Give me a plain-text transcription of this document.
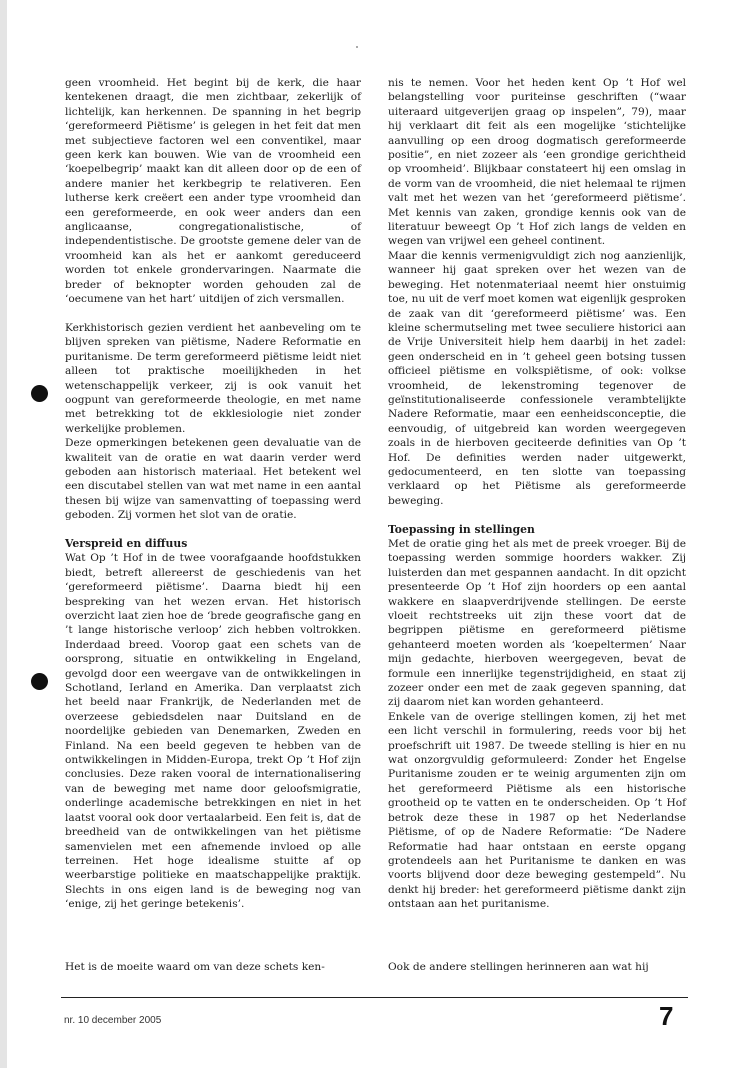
geen vroomheid. Het begint bij de kerk, die haar kentekenen draagt, die men zichtbaar, zekerlijk of lichtelijk, kan herkennen. De spanning in het begrip ‘gereformeerd Piëtisme’ is gelegen in het feit dat men met subjectieve factoren wel een conventikel, maar geen kerk kan bouwen. Wie van de vroomheid een ‘koepelbegrip’ maakt kan dit alleen door op de een of andere manier het kerkbegrip te relativeren. Een lutherse kerk creëert een ander type vroomheid dan een gereformeerde, en ook weer anders dan een anglicaanse, congregationalistische, of independentistische. De grootste gemene deler van de vroomheid kan als het er aankomt gereduceerd worden tot enkele grondervaringen. Naarmate die breder of beknopter worden gehouden zal de ‘oecumene van het hart’ uitdijen of zich versmallen.

Kerkhistorisch gezien verdient het aanbeveling om te blijven spreken van piëtisme, Nadere Reformatie en puritanisme. De term gereformeerd piëtisme leidt niet alleen tot praktische moeilijkheden in het wetenschappelijk verkeer, zij is ook vanuit het oogpunt van gereformeerde theologie, en met name met betrekking tot de ekklesiologie niet zonder werkelijke problemen.

Deze opmerkingen betekenen geen devaluatie van de kwaliteit van de oratie en wat daarin verder werd geboden aan historisch materiaal. Het betekent wel een discutabel stellen van wat met name in een aantal thesen bij wijze van samenvatting of toepassing werd geboden. Zij vormen het slot van de oratie.

Verspreid en diffuus

Wat Op ’t Hof in de twee voorafgaande hoofdstukken biedt, betreft allereerst de geschiedenis van het ‘gereformeerd piëtisme’. Daarna biedt hij een bespreking van het wezen ervan. Het historisch overzicht laat zien hoe de ‘brede geografische gang en ’t lange historische verloop’ zich hebben voltrokken. Inderdaad breed. Voorop gaat een schets van de oorsprong, situatie en ontwikkeling in Engeland, gevolgd door een weergave van de ontwikkelingen in Schotland, Ierland en Amerika. Dan verplaatst zich het beeld naar Frankrijk, de Nederlanden met de overzeese gebiedsdelen naar Duitsland en de noordelijke gebieden van Denemarken, Zweden en Finland. Na een beeld gegeven te hebben van de ontwikkelingen in Midden-Europa, trekt Op ’t Hof zijn conclusies. Deze raken vooral de internationalisering van de beweging met name door geloofsmigratie, onderlinge academische betrekkingen en niet in het laatst vooral ook door vertaalarbeid. Een feit is, dat de breedheid van de ontwikkelingen van het piëtisme samenvielen met een afnemende invloed op alle terreinen. Het hoge idealisme stuitte af op weerbarstige politieke en maatschappelijke praktijk. Slechts in ons eigen land is de beweging nog van ‘enige, zij het geringe betekenis’.

Het is de moeite waard om van deze schets ken-

nis te nemen. Voor het heden kent Op ’t Hof wel belangstelling voor puriteinse geschriften (“waar uiteraard uitgeverijen graag op inspelen”, 79), maar hij verklaart dit feit als een mogelijke ‘stichtelijke aanvulling op een droog dogmatisch gereformeerde positie”, en niet zozeer als ‘een grondige gerichtheid op vroomheid’. Blijkbaar constateert hij een omslag in de vorm van de vroomheid, die niet helemaal te rijmen valt met het wezen van het ‘gereformeerd piëtisme’. Met kennis van zaken, grondige kennis ook van de literatuur beweegt Op ’t Hof zich langs de velden en wegen van vrijwel een geheel continent.

Maar die kennis vermenigvuldigt zich nog aanzienlijk, wanneer hij gaat spreken over het wezen van de beweging. Het notenmateriaal neemt hier onstuimig toe, nu uit de verf moet komen wat eigenlijk gesproken de zaak van dit ‘gereformeerd piëtisme’ was. Een kleine schermutseling met twee seculiere historici aan de Vrije Universiteit hielp hem daarbij in het zadel: geen onderscheid en in ’t geheel geen botsing tussen officieel piëtisme en volkspiëtisme, of ook: volkse vroomheid, de lekenstroming tegenover de geïnstitutionaliseerde confessionele verambtelijkte Nadere Reformatie, maar een eenheidsconceptie, die eenvoudig, of uitgebreid kan worden weergegeven zoals in de hierboven geciteerde definities van Op ’t Hof. De definities werden nader uitgewerkt, gedocumenteerd, en ten slotte van toepassing verklaard op het Piëtisme als gereformeerde beweging.

Toepassing in stellingen

Met de oratie ging het als met de preek vroeger. Bij de toepassing werden sommige hoorders wakker. Zij luisterden dan met gespannen aandacht. In dit opzicht presenteerde Op ’t Hof zijn hoorders op een aantal wakkere en slaapverdrijvende stellingen. De eerste vloeit rechtstreeks uit zijn these voort dat de begrippen piëtisme en gereformeerd piëtisme gehanteerd moeten worden als ‘koepeltermen’ Naar mijn gedachte, hierboven weergegeven, bevat de formule een innerlijke tegenstrijdigheid, en staat zij zozeer onder een met de zaak gegeven spanning, dat zij daarom niet kan worden gehanteerd.

Enkele van de overige stellingen komen, zij het met een licht verschil in formulering, reeds voor bij het proefschrift uit 1987. De tweede stelling is hier en nu wat onzorgvuldig geformuleerd: Zonder het Engelse Puritanisme zouden er te weinig argumenten zijn om het gereformeerd Piëtisme als een historische grootheid op te vatten en te onderscheiden. Op ’t Hof betrok deze these in 1987 op het Nederlandse Piëtisme, of op de Nadere Reformatie: “De Nadere Reformatie had haar ontstaan en eerste opgang grotendeels aan het Puritanisme te danken en was voorts blijvend door deze beweging gestempeld”. Nu denkt hij breder: het gereformeerd piëtisme dankt zijn ontstaan aan het puritanisme.

Ook de andere stellingen herinneren aan wat hij

nr. 10 december 2005	7
